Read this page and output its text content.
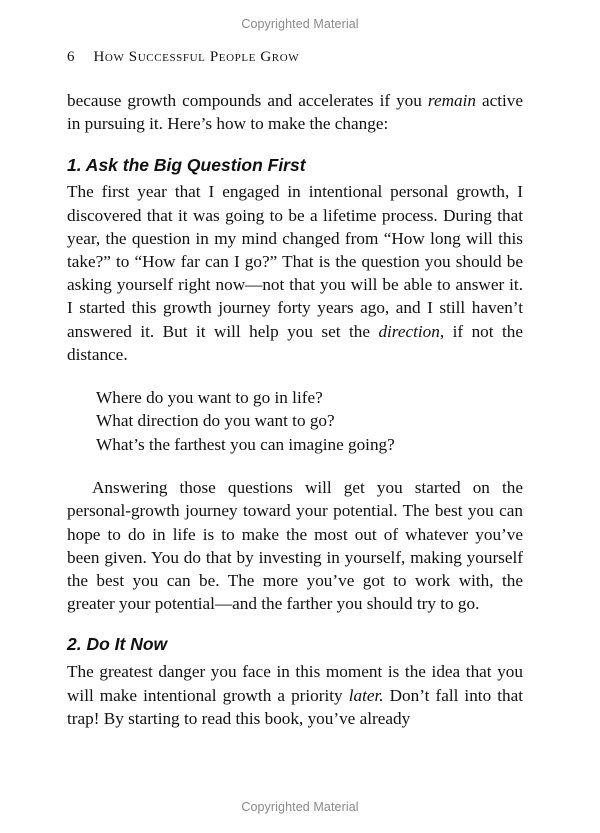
Copyrighted Material
6 How Successful People Grow

because growth compounds and accelerates if you remain active in pursuing it. Here’s how to make the change:

1. Ask the Big Question First

The first year that I engaged in intentional personal growth, I discovered that it was going to be a lifetime process. During that year, the question in my mind changed from “How long will this take?” to “How far can I go?” That is the question you should be asking yourself right now—not that you will be able to answer it. I started this growth journey forty years ago, and I still haven’t answered it. But it will help you set the direction, if not the distance.

Where do you want to go in life?
What direction do you want to go?
What’s the farthest you can imagine going?

Answering those questions will get you started on the personal-growth journey toward your potential. The best you can hope to do in life is to make the most out of whatever you’ve been given. You do that by investing in yourself, making yourself the best you can be. The more you’ve got to work with, the greater your potential—and the farther you should try to go.

2. Do It Now

The greatest danger you face in this moment is the idea that you will make intentional growth a priority later. Don’t fall into that trap! By starting to read this book, you’ve already

Copyrighted Material
